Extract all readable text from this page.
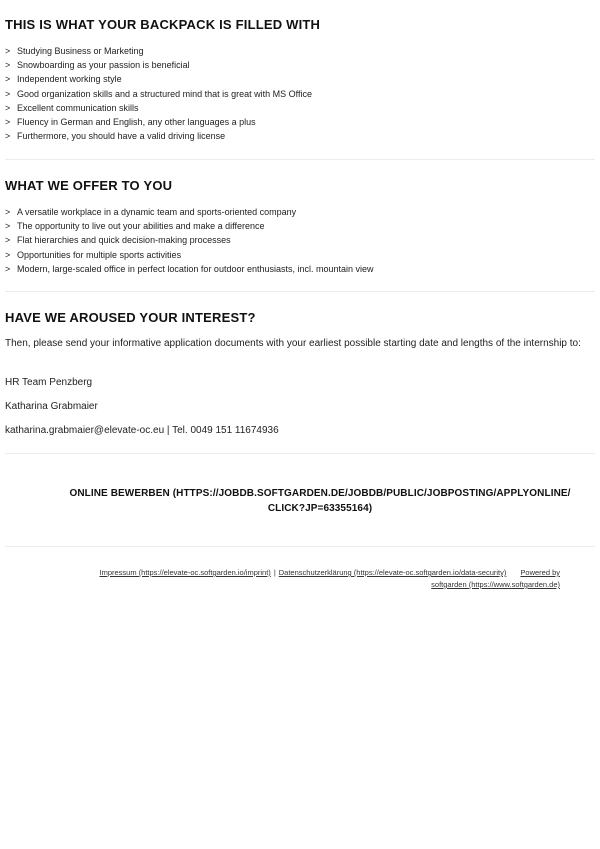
THIS IS WHAT YOUR BACKPACK IS FILLED WITH
> Studying Business or Marketing
> Snowboarding as your passion is beneficial
> Independent working style
> Good organization skills and a structured mind that is great with MS Office
> Excellent communication skills
> Fluency in German and English, any other languages a plus
> Furthermore, you should have a valid driving license
WHAT WE OFFER TO YOU
> A versatile workplace in a dynamic team and sports-oriented company
> The opportunity to live out your abilities and make a difference
> Flat hierarchies and quick decision-making processes
> Opportunities for multiple sports activities
> Modern, large-scaled office in perfect location for outdoor enthusiasts, incl. mountain view
HAVE WE AROUSED YOUR INTEREST?
Then, please send your informative application documents with your earliest possible starting date and lengths of the internship to:
HR Team Penzberg
Katharina Grabmaier
katharina.grabmaier@elevate-oc.eu | Tel. 0049 151 11674936
ONLINE BEWERBEN (HTTPS://JOBDB.SOFTGARDEN.DE/JOBDB/PUBLIC/JOBPOSTING/APPLYONLINE/
CLICK?JP=63355164)
Impressum (https://elevate-oc.softgarden.io/imprint) | Datenschutzerklärung (https://elevate-oc.softgarden.io/data-security) Powered by
softgarden (https://www.softgarden.de)
